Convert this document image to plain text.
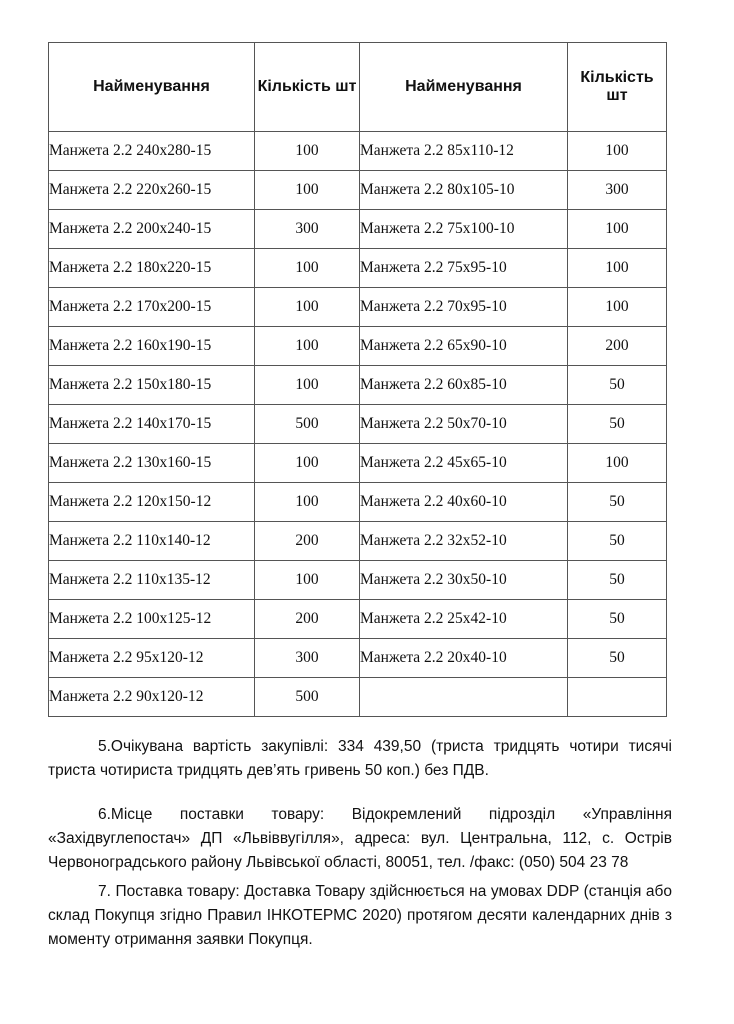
Найменування	Кількість шт	Найменування	Кількість шт
Манжета 2.2 240х280-15	100	Манжета 2.2 85х110-12	100
Манжета 2.2 220х260-15	100	Манжета 2.2 80х105-10	300
Манжета 2.2 200х240-15	300	Манжета 2.2 75х100-10	100
Манжета 2.2 180х220-15	100	Манжета 2.2 75х95-10	100
Манжета 2.2 170х200-15	100	Манжета 2.2 70х95-10	100
Манжета 2.2 160х190-15	100	Манжета 2.2 65х90-10	200
Манжета 2.2 150х180-15	100	Манжета 2.2 60х85-10	50
Манжета 2.2 140х170-15	500	Манжета 2.2 50х70-10	50
Манжета 2.2 130х160-15	100	Манжета 2.2 45х65-10	100
Манжета 2.2 120х150-12	100	Манжета 2.2 40х60-10	50
Манжета 2.2 110х140-12	200	Манжета 2.2 32х52-10	50
Манжета 2.2 110х135-12	100	Манжета 2.2 30х50-10	50
Манжета 2.2 100х125-12	200	Манжета 2.2 25х42-10	50
Манжета 2.2 95х120-12	300	Манжета 2.2 20х40-10	50
Манжета 2.2 90х120-12	500		
5.Очікувана вартість закупівлі: 334 439,50 (триста тридцять чотири тисячі триста чотириста тридцять дев’ять гривень 50 коп.) без ПДВ.
6.Місце поставки товару: Відокремлений підрозділ «Управління «Західвуглепостач» ДП «Львіввугілля», адреса: вул. Центральна, 112, с. Острів Червоноградського району Львівської області, 80051, тел. /факс: (050) 504 23 78
7. Поставка товару: Доставка Товару здійснюється на умовах DDP (станція або склад Покупця згідно Правил ІНКОТЕРМС 2020) протягом десяти календарних днів з моменту отримання заявки Покупця.
